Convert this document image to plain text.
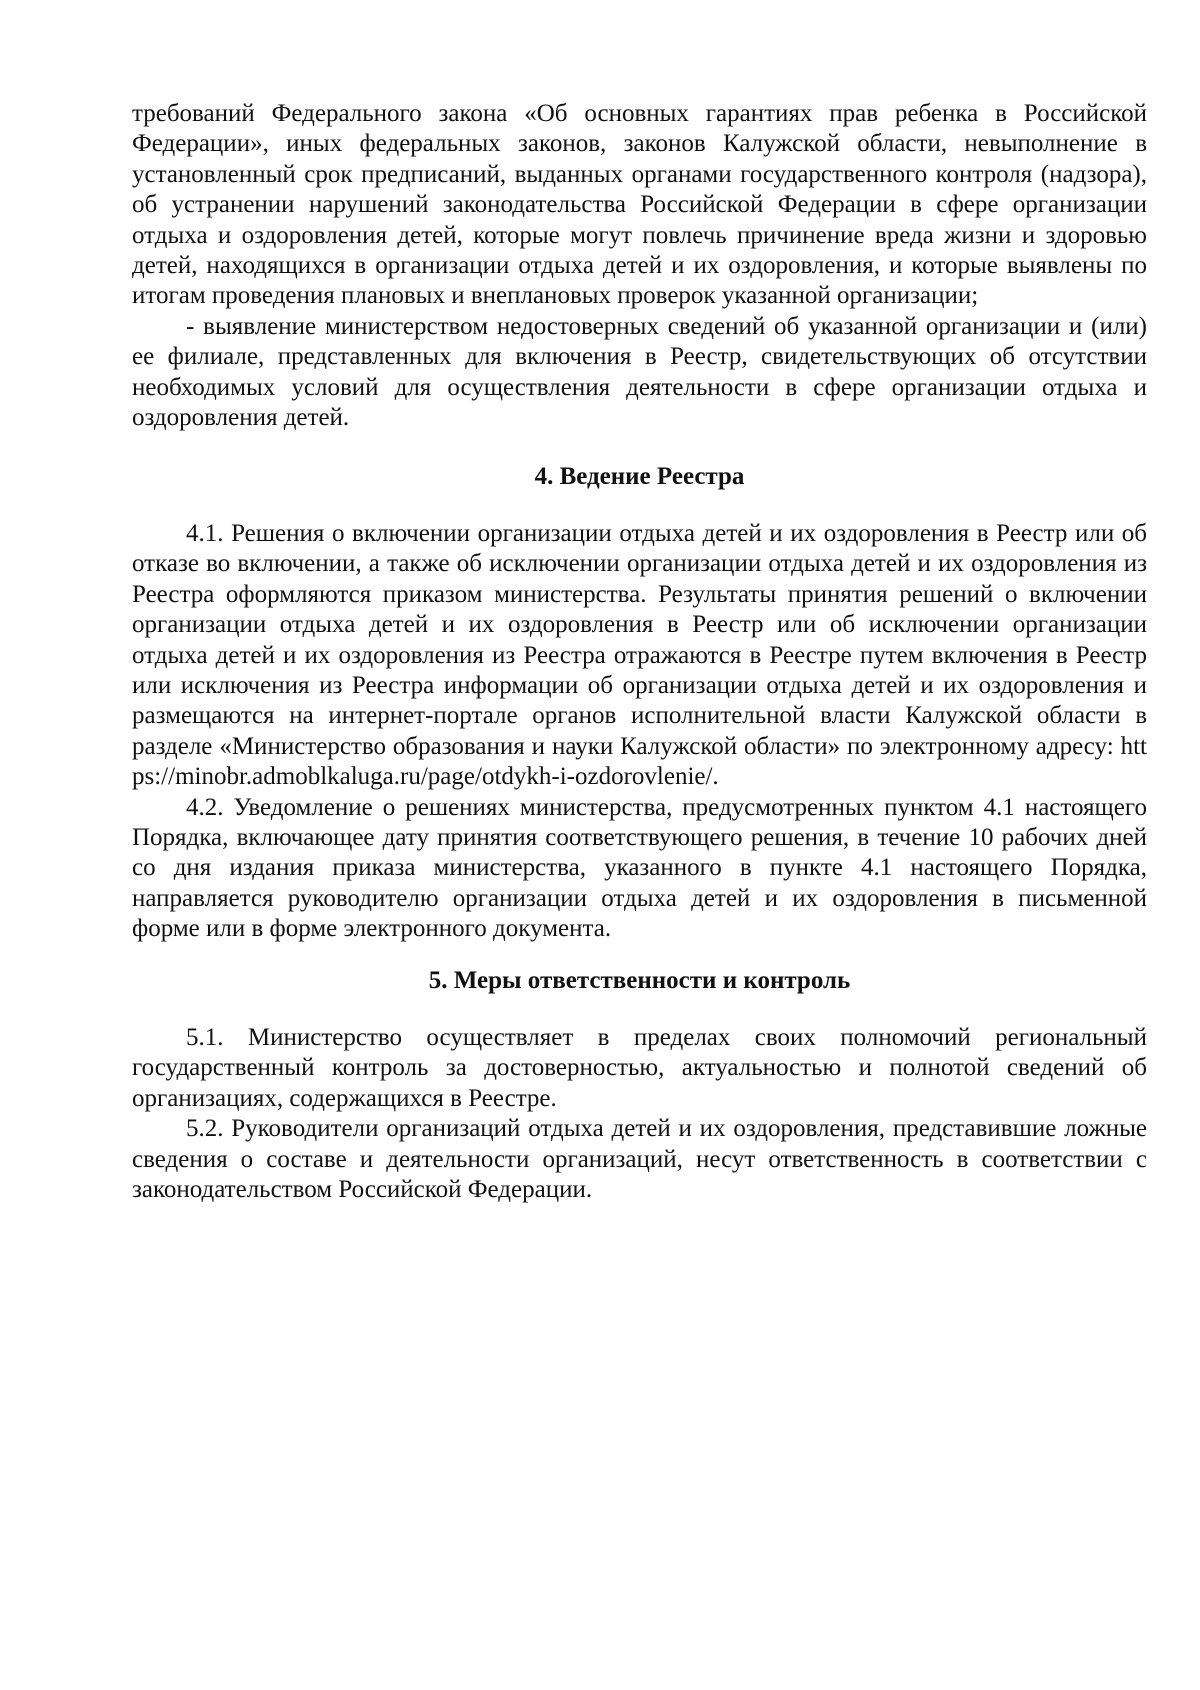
требований Федерального закона «Об основных гарантиях прав ребенка в Российской Федерации», иных федеральных законов, законов Калужской области, невыполнение в установленный срок предписаний, выданных органами государственного контроля (надзора), об устранении нарушений законодательства Российской Федерации в сфере организации отдыха и оздоровления детей, которые могут повлечь причинение вреда жизни и здоровью детей, находящихся в организации отдыха детей и их оздоровления, и которые выявлены по итогам проведения плановых и внеплановых проверок указанной организации;

- выявление министерством недостоверных сведений об указанной организации и (или) ее филиале, представленных для включения в Реестр, свидетельствующих об отсутствии необходимых условий для осуществления деятельности в сфере организации отдыха и оздоровления детей.

4. Ведение Реестра

4.1. Решения о включении организации отдыха детей и их оздоровления в Реестр или об отказе во включении, а также об исключении организации отдыха детей и их оздоровления из Реестра оформляются приказом министерства. Результаты принятия решений о включении организации отдыха детей и их оздоровления в Реестр или об исключении организации отдыха детей и их оздоровления из Реестра отражаются в Реестре путем включения в Реестр или исключения из Реестра информации об организации отдыха детей и их оздоровления и размещаются на интернет-портале органов исполнительной власти Калужской области в разделе «Министерство образования и науки Калужской области» по электронному адресу: https://minobr.admoblkaluga.ru/page/otdykh-i-ozdorovlenie/.

4.2. Уведомление о решениях министерства, предусмотренных пунктом 4.1 настоящего Порядка, включающее дату принятия соответствующего решения, в течение 10 рабочих дней со дня издания приказа министерства, указанного в пункте 4.1 настоящего Порядка, направляется руководителю организации отдыха детей и их оздоровления в письменной форме или в форме электронного документа.

5. Меры ответственности и контроль

5.1. Министерство осуществляет в пределах своих полномочий региональный государственный контроль за достоверностью, актуальностью и полнотой сведений об организациях, содержащихся в Реестре.

5.2. Руководители организаций отдыха детей и их оздоровления, представившие ложные сведения о составе и деятельности организаций, несут ответственность в соответствии с законодательством Российской Федерации.
